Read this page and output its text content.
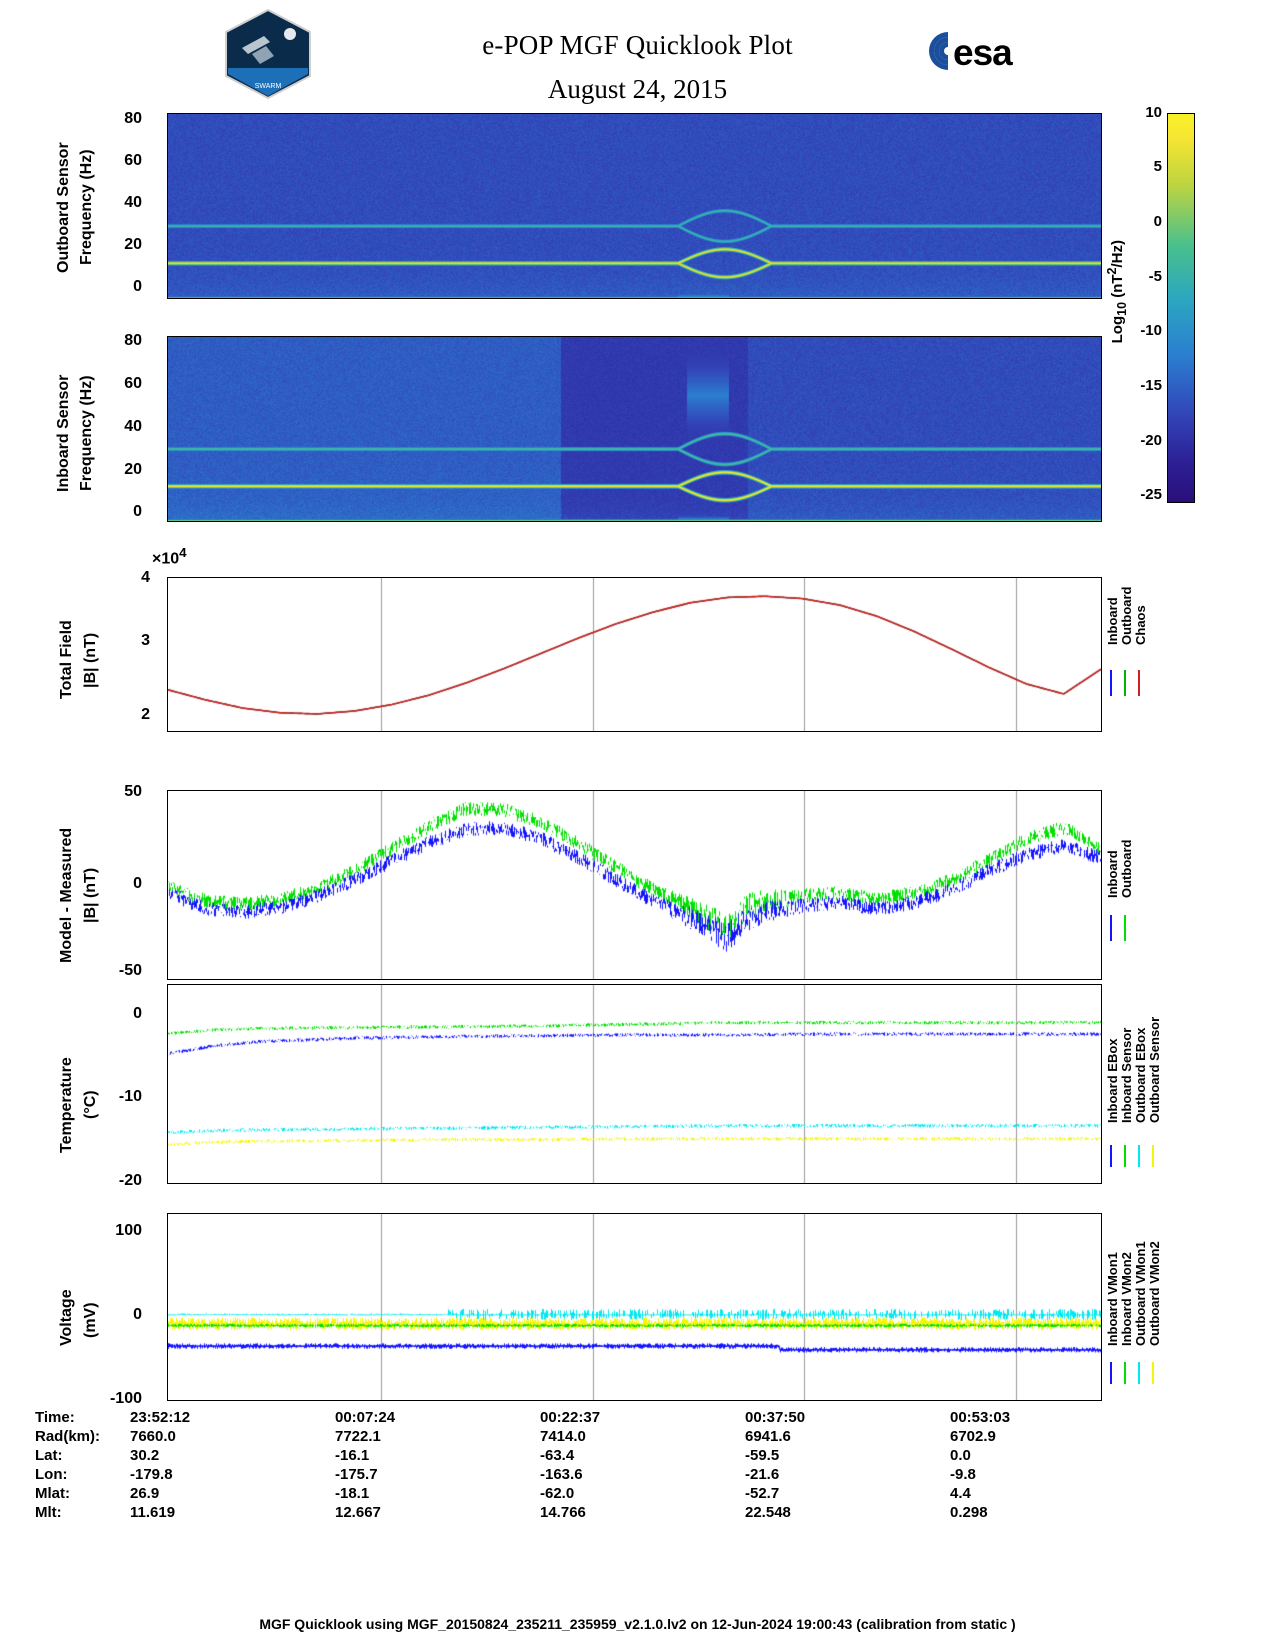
SWARM
e-POP MGF Quicklook Plot
August 24, 2015
esa
10
5
0
-5
-10
-15
-20
-25
Log$_{10}$ $(nT^2/Hz)$
Outboard Sensor Frequency (Hz)
80
60
40
20
0
Inboard Sensor Frequency (Hz)
80
60
40
20
0
Total Field |B| (nT)
$\times 10^4$
4
3
2
Inboard Outboard Chaos
Model - Measured |B| (nT)
50
0
-50
Inboard Outboard
Temperature (°C)
0
-10
-20
Inboard EBox Inboard Sensor Outboard EBox Outboard Sensor
Voltage (mV)
100
0
-100
Inboard VMon1 Inboard VMon2 Outboard VMon1 Outboard VMon2
Time:	23:52:12	00:07:24	00:22:37	00:37:50	00:53:03
Rad(km):	7660.0	7722.1	7414.0	6941.6	6702.9
Lat:	30.2	-16.1	-63.4	-59.5	0.0
Lon:	-179.8	-175.7	-163.6	-21.6	-9.8
Mlat:	26.9	-18.1	-62.0	-52.7	4.4
Mlt:	11.619	12.667	14.766	22.548	0.298
MGF Quicklook using MGF_20150824_235211_235959_v2.1.0.lv2 on 12-Jun-2024 19:00:43 (calibration from static )
